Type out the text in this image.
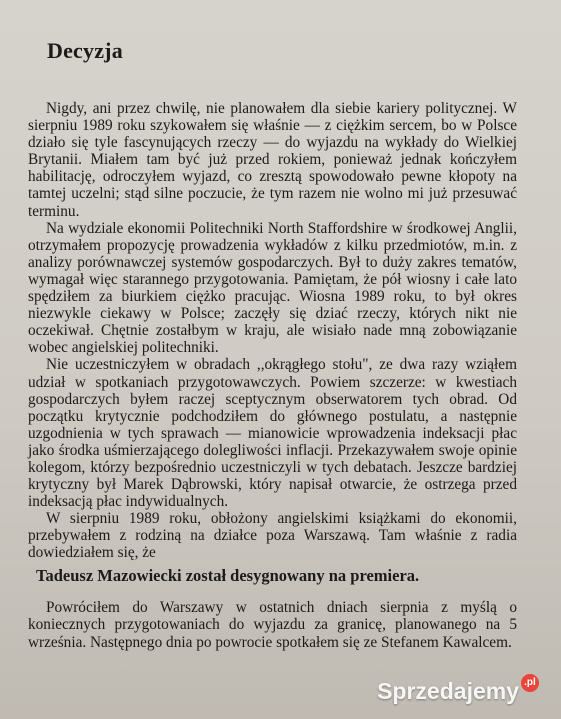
Decyzja

Nigdy, ani przez chwilę, nie planowałem dla siebie kariery politycznej. W sierpniu 1989 roku szykowałem się właśnie — z ciężkim sercem, bo w Polsce działo się tyle fascynujących rzeczy — do wyjazdu na wykłady do Wielkiej Brytanii. Miałem tam być już przed rokiem, ponieważ jednak kończyłem habilitację, odroczyłem wyjazd, co zresztą spowodowało pewne kłopoty na tamtej uczelni; stąd silne poczucie, że tym razem nie wolno mi już przesuwać terminu.

Na wydziale ekonomii Politechniki North Staffordshire w środkowej Anglii, otrzymałem propozycję prowadzenia wykładów z kilku przedmiotów, m.in. z analizy porównawczej systemów gospodarczych. Był to duży zakres tematów, wymagał więc starannego przygotowania. Pamiętam, że pół wiosny i całe lato spędziłem za biurkiem ciężko pracując. Wiosna 1989 roku, to był okres niezwykle ciekawy w Polsce; zaczęły się dziać rzeczy, których nikt nie oczekiwał. Chętnie zostałbym w kraju, ale wisiało nade mną zobowiązanie wobec angielskiej politechniki.

Nie uczestniczyłem w obradach ,,okrągłego stołu", ze dwa razy wziąłem udział w spotkaniach przygotowawczych. Powiem szczerze: w kwestiach gospodarczych byłem raczej sceptycznym obserwatorem tych obrad. Od początku krytycznie podchodziłem do głównego postulatu, a następnie uzgodnienia w tych sprawach — mianowicie wprowadzenia indeksacji płac jako środka uśmierzającego dolegliwości inflacji. Przekazywałem swoje opinie kolegom, którzy bezpośrednio uczestniczyli w tych debatach. Jeszcze bardziej krytyczny był Marek Dąbrowski, który napisał otwarcie, że ostrzega przed indeksacją płac indywidualnych.

W sierpniu 1989 roku, obłożony angielskimi książkami do ekonomii, przebywałem z rodziną na działce poza Warszawą. Tam właśnie z radia dowiedziałem się, że

Tadeusz Mazowiecki został desygnowany na premiera.

Powróciłem do Warszawy w ostatnich dniach sierpnia z myślą o koniecznych przygotowaniach do wyjazdu za granicę, planowanego na 5 września. Następnego dnia po powrocie spotkałem się ze Stefanem Kawalcem.

Sprzedajemy .pl
